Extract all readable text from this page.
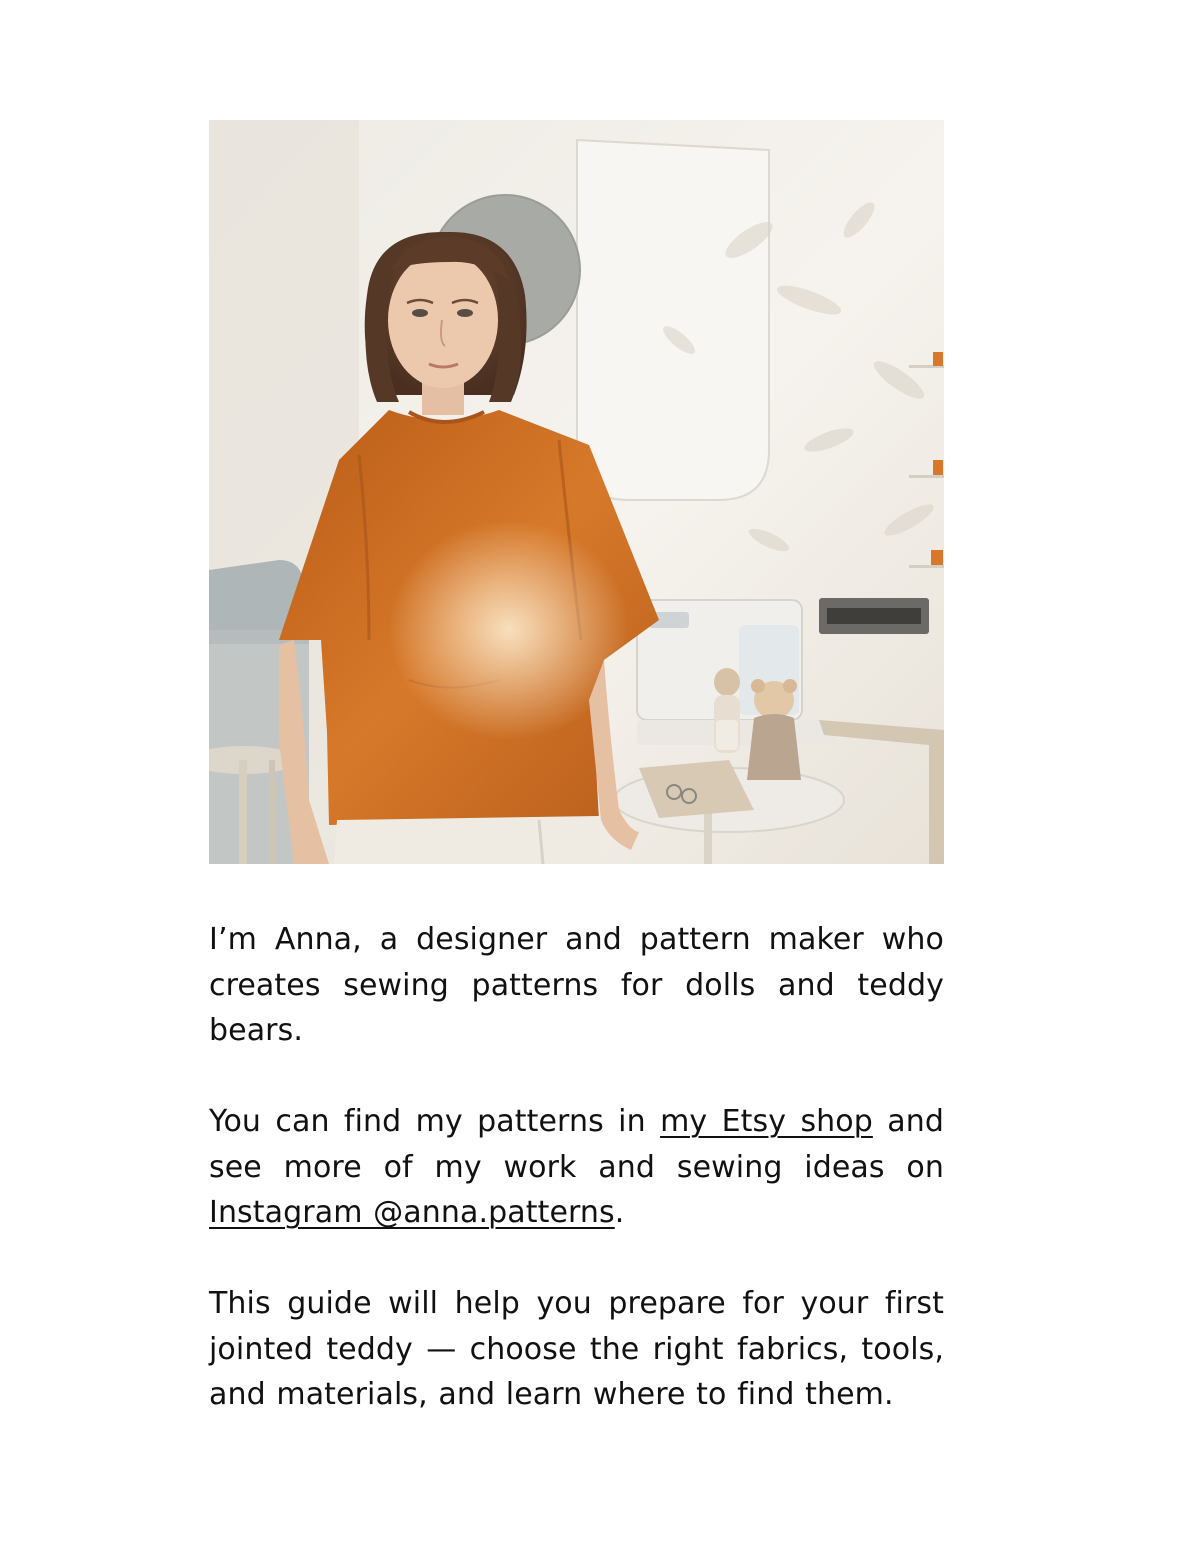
I’m Anna, a designer and pattern maker who creates sewing patterns for dolls and teddy bears.

You can find my patterns in my Etsy shop and see more of my work and sewing ideas on Instagram @anna.patterns.

This guide will help you prepare for your first jointed teddy — choose the right fabrics, tools, and materials, and learn where to find them.
